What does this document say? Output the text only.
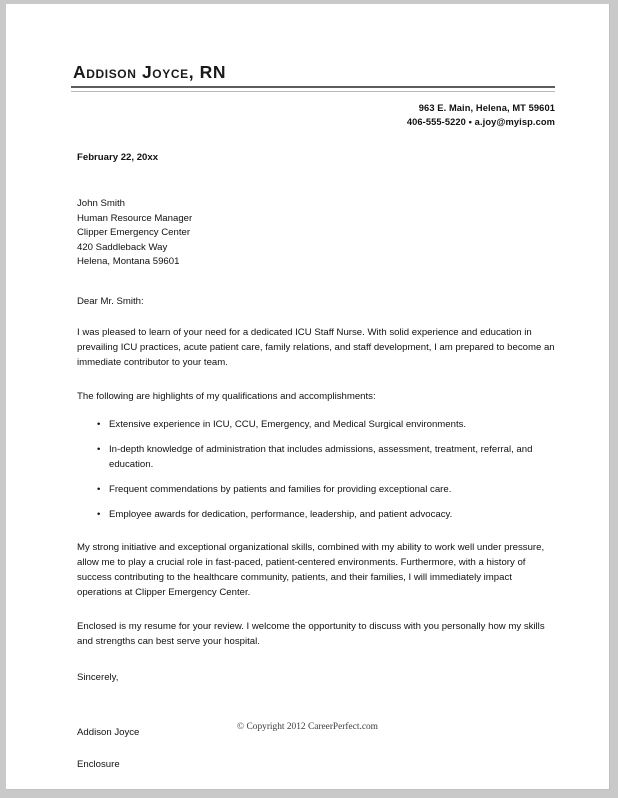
Addison Joyce, RN
963 E. Main, Helena, MT 59601
406-555-5220 • a.joy@myisp.com
February 22, 20xx
John Smith
Human Resource Manager
Clipper Emergency Center
420 Saddleback Way
Helena, Montana 59601
Dear Mr. Smith:
I was pleased to learn of your need for a dedicated ICU Staff Nurse. With solid experience and education in prevailing ICU practices, acute patient care, family relations, and staff development, I am prepared to become an immediate contributor to your team.
The following are highlights of my qualifications and accomplishments:
• Extensive experience in ICU, CCU, Emergency, and Medical Surgical environments.
• In-depth knowledge of administration that includes admissions, assessment, treatment, referral, and education.
• Frequent commendations by patients and families for providing exceptional care.
• Employee awards for dedication, performance, leadership, and patient advocacy.
My strong initiative and exceptional organizational skills, combined with my ability to work well under pressure, allow me to play a crucial role in fast-paced, patient-centered environments. Furthermore, with a history of success contributing to the healthcare community, patients, and their families, I will immediately impact operations at Clipper Emergency Center.
Enclosed is my resume for your review. I welcome the opportunity to discuss with you personally how my skills and strengths can best serve your hospital.
Sincerely,
Addison Joyce
Enclosure
© Copyright 2012 CareerPerfect.com
